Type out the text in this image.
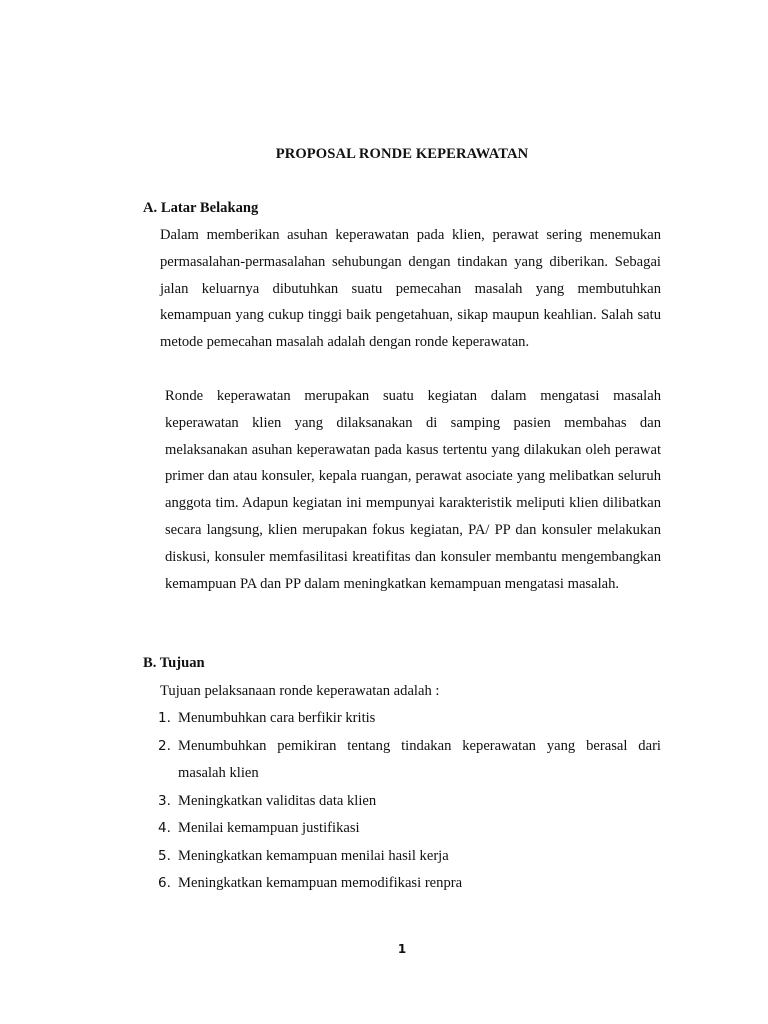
PROPOSAL RONDE KEPERAWATAN
A. Latar Belakang

Dalam memberikan asuhan keperawatan pada klien, perawat sering menemukan permasalahan-permasalahan sehubungan dengan tindakan yang diberikan. Sebagai jalan keluarnya dibutuhkan suatu pemecahan masalah yang membutuhkan kemampuan yang cukup tinggi baik pengetahuan, sikap maupun keahlian. Salah satu metode pemecahan masalah adalah dengan ronde keperawatan.

Ronde keperawatan merupakan suatu kegiatan dalam mengatasi masalah keperawatan klien yang dilaksanakan di samping pasien membahas dan melaksanakan asuhan keperawatan pada kasus tertentu yang dilakukan oleh perawat primer dan atau konsuler, kepala ruangan, perawat asociate yang melibatkan seluruh anggota tim. Adapun kegiatan ini mempunyai karakteristik meliputi klien dilibatkan secara langsung, klien merupakan fokus kegiatan, PA/ PP dan konsuler melakukan diskusi, konsuler memfasilitasi kreatifitas dan konsuler membantu mengembangkan kemampuan PA dan PP dalam meningkatkan kemampuan mengatasi masalah.

B. Tujuan
Tujuan pelaksanaan ronde keperawatan adalah :
1. Menumbuhkan cara berfikir kritis
2. Menumbuhkan pemikiran tentang tindakan keperawatan yang berasal dari masalah klien
3. Meningkatkan validitas data klien
4. Menilai kemampuan justifikasi
5. Meningkatkan kemampuan menilai hasil kerja
6. Meningkatkan kemampuan memodifikasi renpra
1
